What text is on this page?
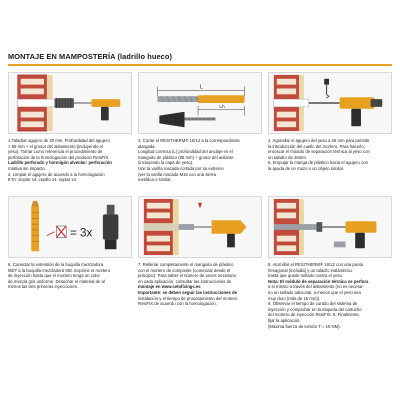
MONTAJE EN MAMPOSTERÍA (ladrillo hueco)
L
Lh
1.Taladrar agujero de 20 mm. Profundidad del agujero
> 85 mm + el grosor del aislamiento (incluyendo el
yeso). Tomar como referencia el procedimiento de
perforación de la homologación del producto ResiFIX.
Ladrillo perforado y hormigón alveolar: perforación
rotativa sin impacto.
2. Limpiar el agujero de acuerdo a la homologación
ETA: Soplar x4, cepillo x4, soplar x4
3. Cortar el RESITHERM® 16/12 a la correspondiente
alargada.
Longitud correcta (L) profundidad del anclaje en el
manguito de plástico (85 mm) + grosor del aislante
(incluyendo la capa de yeso).
Unir la varilla roscada cortada por su extremo
(ver la varilla roscada M16 con una sierra
metálica o similar.
4. Agrandar el agujero del yeso a 26 mm para permitir
la introducción del cuello del mortero. Para hacerlo,
enroscar el módulo de separación térmica al yeso con
un taladro de 26mm.
5. Empujar la manga de plástico hacia el agujero con
la ayuda de un mazo o un objeto similar.
= 3x
6. Conectar la extensión de la boquilla mezcladora
MDT a la boquilla mezcladora MD. Exprimir el mortero
de inyección hasta que el mortero tenga un color
de mezcla gris uniforme. Desechar el material de al
menos las tres primeras inyecciones.
7. Rellenar completamente el manguito de plástico
con el mortero de composite (comenzar desde el
principio). Para saber el número de veces necesario
en cada aplicación, consultar las instrucciones de
montaje en www.celofixings.es
Importante: se deben seguir las instrucciones de
instalación y el tiempo de procesamiento del mortero
ResiFIX de acuerdo con la homologación.
8. Atornillar el RESITHERM® 16/12 con una punta
hexagonal (incluida) y un taladro inalámbrico
hasta que quede sellado contra el yeso.
Nota: El módulo de separación térmica se perfora
a sí mismo a través del aislamiento (no es necesa-
rio un sellado adicional, a menos que el yeso sea
muy duro (más de 15 mm)).
9. Observar el tiempo de curado del sistema de
inyección y comprobar en la etiqueta del cartucho
del mortero de inyección ResiFIX. 8. Finalmente,
fijar la aplicación.
(Máxima fuerza de torsión T = 19 NM).
